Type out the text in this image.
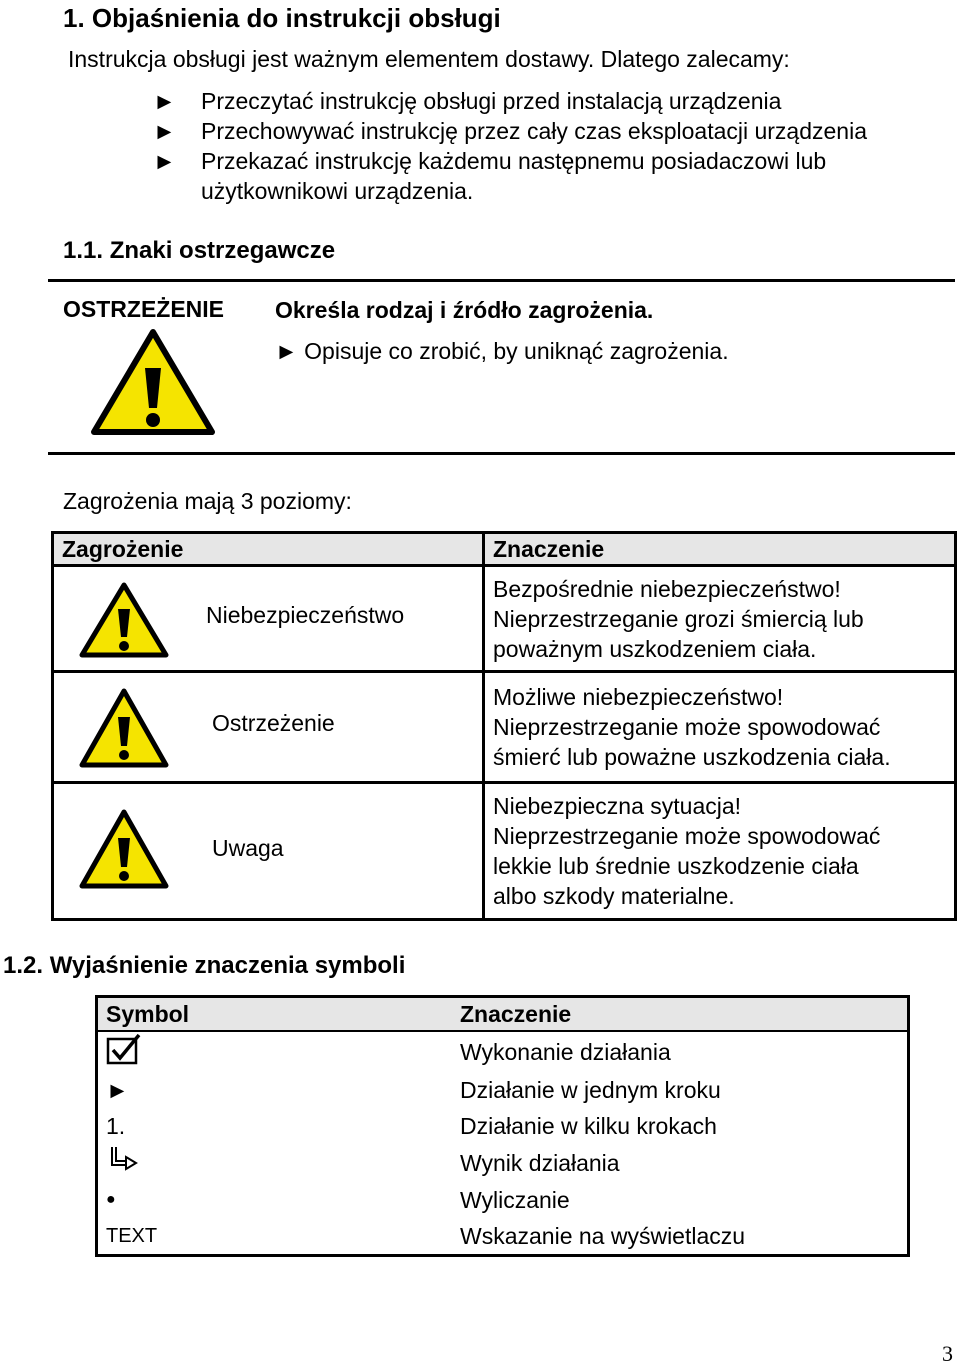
1. Objaśnienia do instrukcji obsługi
Instrukcja obsługi jest ważnym elementem dostawy. Dlatego zalecamy:
►	Przeczytać instrukcję obsługi przed instalacją urządzenia
►	Przechowywać instrukcję przez cały czas eksploatacji urządzenia
►	Przekazać instrukcję każdemu następnemu posiadaczowi lub
użytkownikowi urządzenia.
1.1. Znaki ostrzegawcze
OSTRZEŻENIE Określa rodzaj i źródło zagrożenia.
► Opisuje co zrobić, by uniknąć zagrożenia.
Zagrożenia mają 3 poziomy:
Zagrożenie	Znaczenie

Niebezpieczeństwo	Bezpośrednie niebezpieczeństwo!
Nieprzestrzeganie grozi śmiercią lub
poważnym uszkodzeniem ciała.

Ostrzeżenie	Możliwe niebezpieczeństwo!
Nieprzestrzeganie może spowodować
śmierć lub poważne uszkodzenia ciała.

Uwaga	Niebezpieczna sytuacja!
Nieprzestrzeganie może spowodować
lekkie lub średnie uszkodzenie ciała
albo szkody materialne.
1.2. Wyjaśnienie znaczenia symboli
Symbol	Znaczenie
	Wykonanie działania
►	Działanie w jednym kroku
1.	Działanie w kilku krokach
	Wynik działania
●	Wyliczanie
TEXT	Wskazanie na wyświetlaczu
3
